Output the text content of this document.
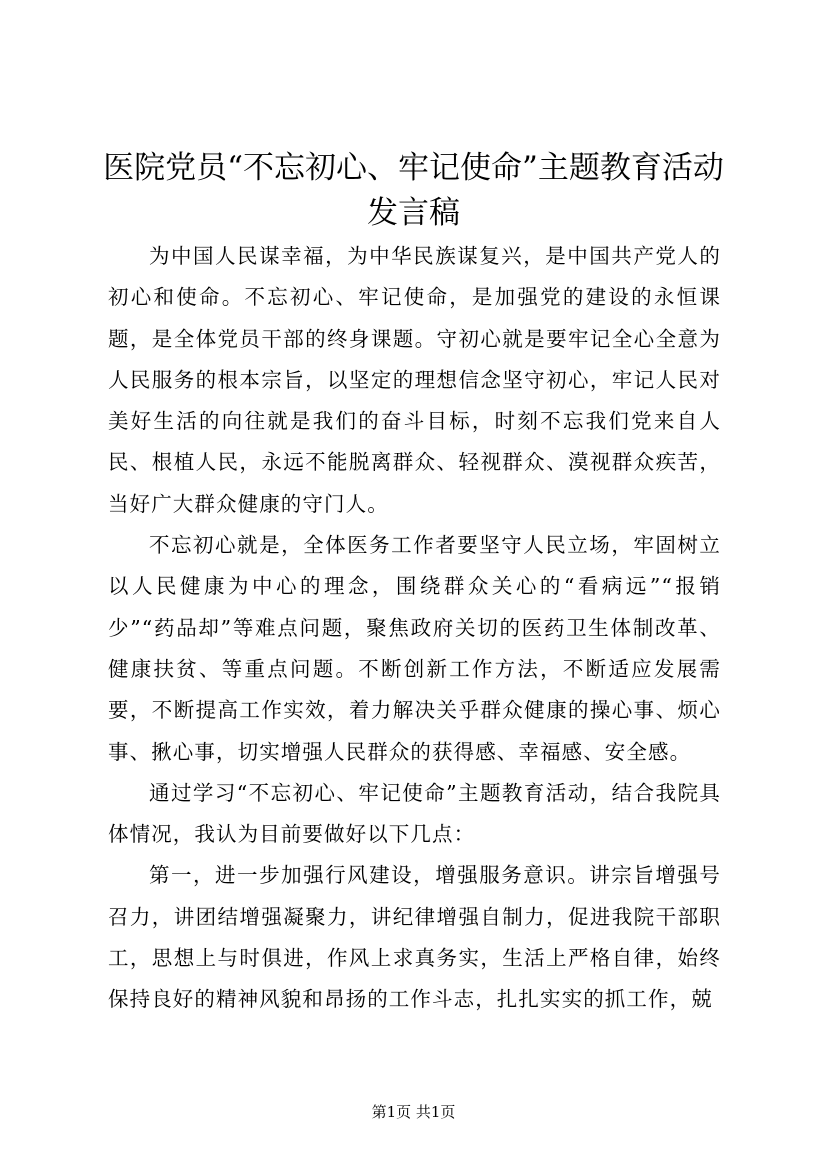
医院党员“不忘初心、牢记使命”主题教育活动发言稿

为中国人民谋幸福，为中华民族谋复兴，是中国共产党人的初心和使命。不忘初心、牢记使命，是加强党的建设的永恒课题，是全体党员干部的终身课题。守初心就是要牢记全心全意为人民服务的根本宗旨，以坚定的理想信念坚守初心，牢记人民对美好生活的向往就是我们的奋斗目标，时刻不忘我们党来自人民、根植人民，永远不能脱离群众、轻视群众、漠视群众疾苦，当好广大群众健康的守门人。

不忘初心就是，全体医务工作者要坚守人民立场，牢固树立以人民健康为中心的理念，围绕群众关心的“看病远”“报销少”“药品却”等难点问题，聚焦政府关切的医药卫生体制改革、健康扶贫、等重点问题。不断创新工作方法，不断适应发展需要，不断提高工作实效，着力解决关乎群众健康的操心事、烦心事、揪心事，切实增强人民群众的获得感、幸福感、安全感。

通过学习“不忘初心、牢记使命”主题教育活动，结合我院具体情况，我认为目前要做好以下几点：

第一，进一步加强行风建设，增强服务意识。讲宗旨增强号召力，讲团结增强凝聚力，讲纪律增强自制力，促进我院干部职工，思想上与时俱进，作风上求真务实，生活上严格自律，始终保持良好的精神风貌和昂扬的工作斗志，扎扎实实的抓工作，兢

第1页 共1页
